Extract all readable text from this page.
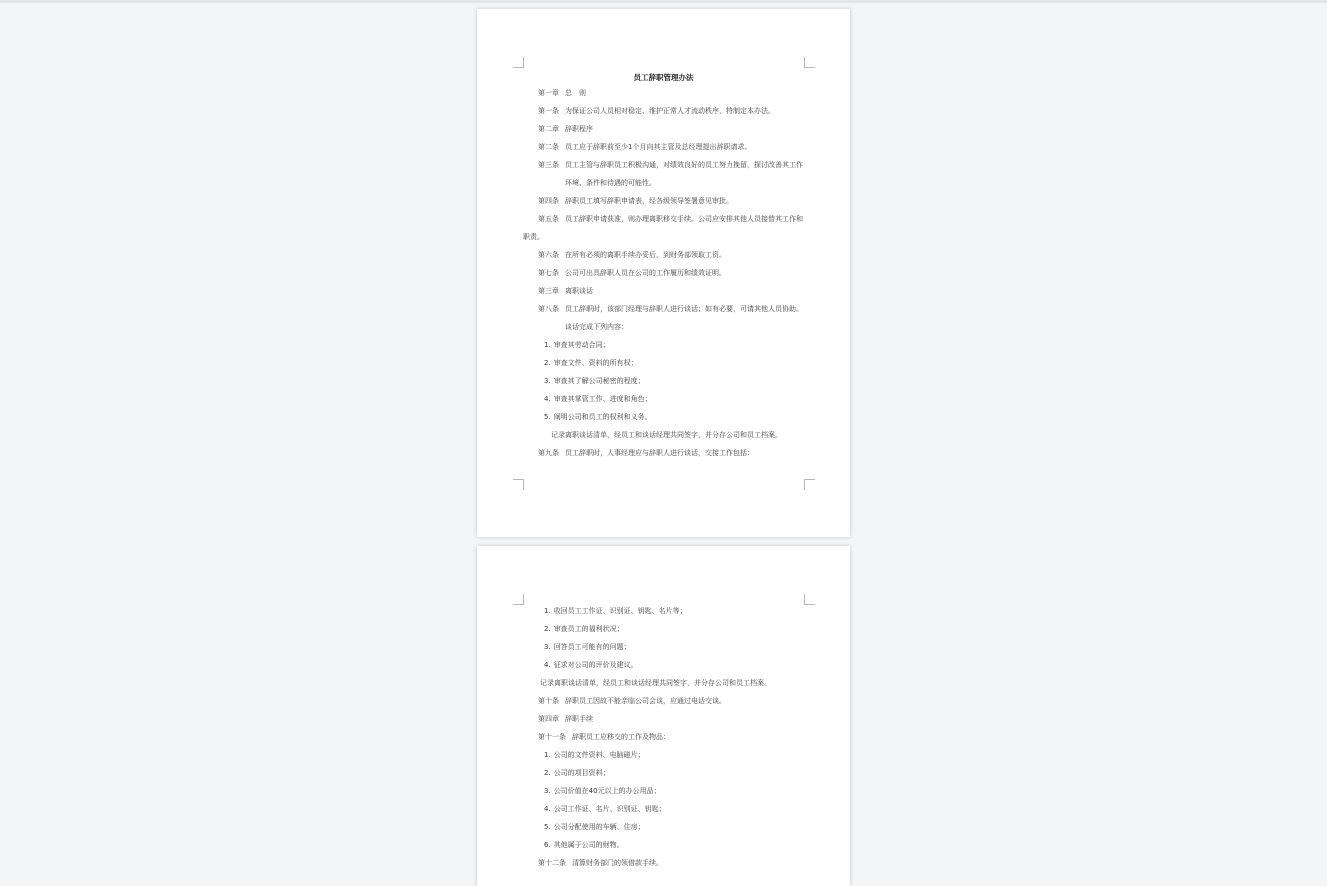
员工辞职管理办法
第一章 总　则
第一条 为保证公司人员相对稳定、维护正常人才流动秩序，特制定本办法。
第二章 辞职程序
第二条 员工应于辞职前至少1个月向其主管及总经理提出辞职请求。
第三条 员工主管与辞职员工积极沟通，对绩效良好的员工努力挽留，探讨改善其工作
环境、条件和待遇的可能性。
第四条 辞职员工填写辞职申请表，经各级领导签署意见审批。
第五条 员工辞职申请获准，则办理离职移交手续。公司应安排其他人员接替其工作和
职责。
第六条 在所有必须的离职手续办妥后，到财务部领取工资。
第七条 公司可出具辞职人员在公司的工作履历和绩效证明。
第三章 离职谈话
第八条 员工辞职时，该部门经理与辞职人进行谈话；如有必要，可请其他人员协助。
谈话完成下列内容：
1. 审查其劳动合同；
2. 审查文件、资料的所有权；
3. 审查其了解公司秘密的程度；
4. 审查其掌管工作、进度和角色；
5. 阐明公司和员工的权利和义务。
记录离职谈话清单，经员工和谈话经理共同签字，并分存公司和员工档案。
第九条 员工辞职时，人事经理应与辞职人进行谈话，交接工作包括：
1. 收回员工工作证、识别证、钥匙、名片等；
2. 审查员工的福利状况；
3. 回答员工可能有的问题；
4. 征求对公司的评价及建议。
记录离职谈话清单，经员工和谈话经理共同签字，并分存公司和员工档案。
第十条 辞职员工因故不能亲临公司会谈，应通过电话交谈。
第四章 辞职手续
第十一条 辞职员工应移交的工作及物品：
1. 公司的文件资料、电脑磁片；
2. 公司的项目资料；
3. 公司价值在40元以上的办公用品；
4. 公司工作证、名片、识别证、钥匙；
5. 公司分配使用的车辆、住房；
6. 其他属于公司的财物。
第十二条 清算财务部门的领借款手续。
